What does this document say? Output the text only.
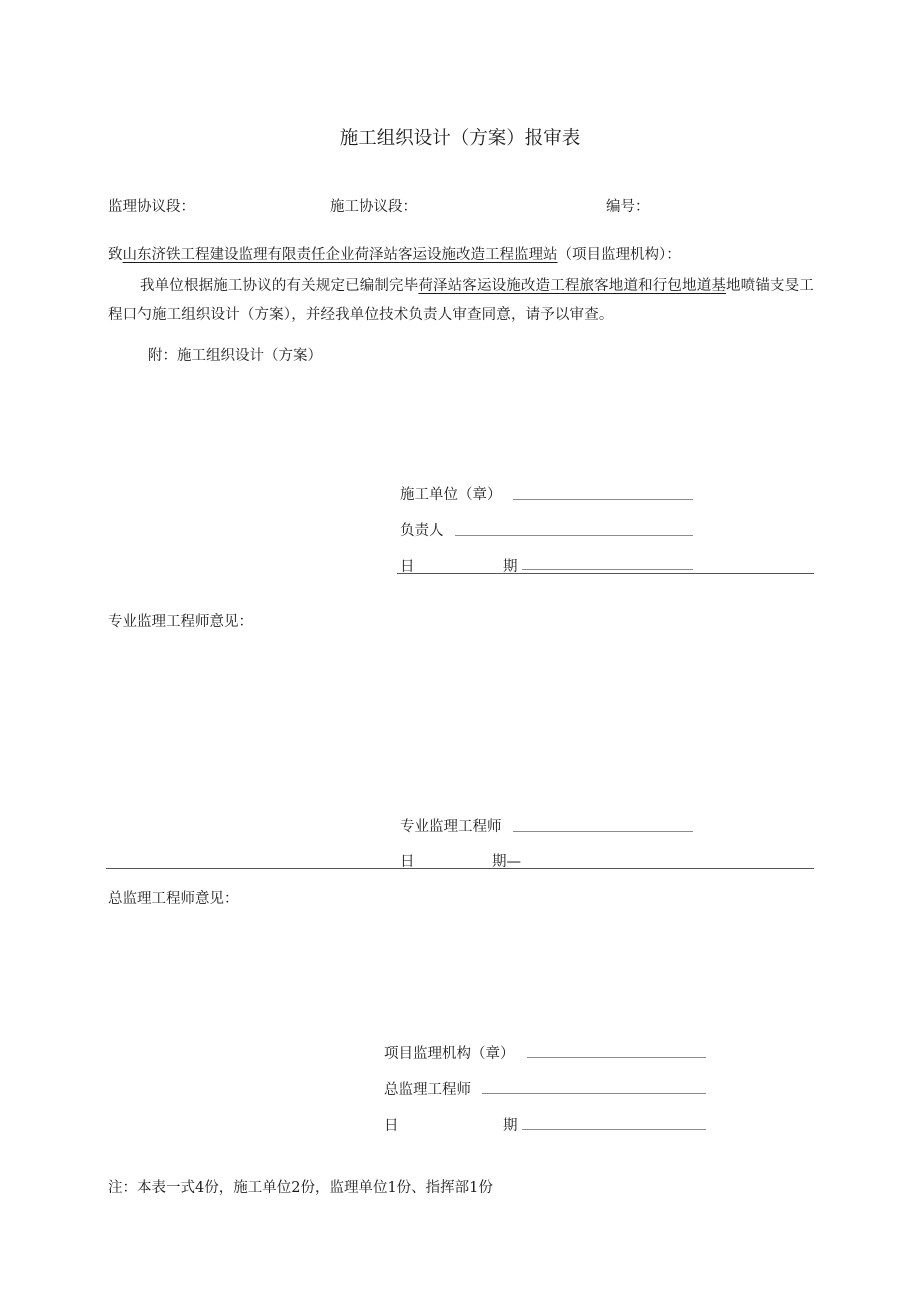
施工组织设计（方案）报审表
监理协议段：	施工协议段：	编号：
致山东济铁工程建设监理有限责任企业荷泽站客运设施改造工程监理站（项目监理机构）：
我单位根据施工协议的有关规定已编制完毕荷泽站客运设施改造工程旅客地道和行包地道基地喷锚支旻工程口勺施工组织设计（方案），并经我单位技术负责人审查同意，请予以审查。
附：施工组织设计（方案）
施工单位（章）
负责人
日	期
专业监理工程师意见：
专业监理工程师
日	期—
总监理工程师意见：
项目监理机构（章）
总监理工程师
日	期
注：本表一式4份，施工单位2份，监理单位1份、指挥部1份
